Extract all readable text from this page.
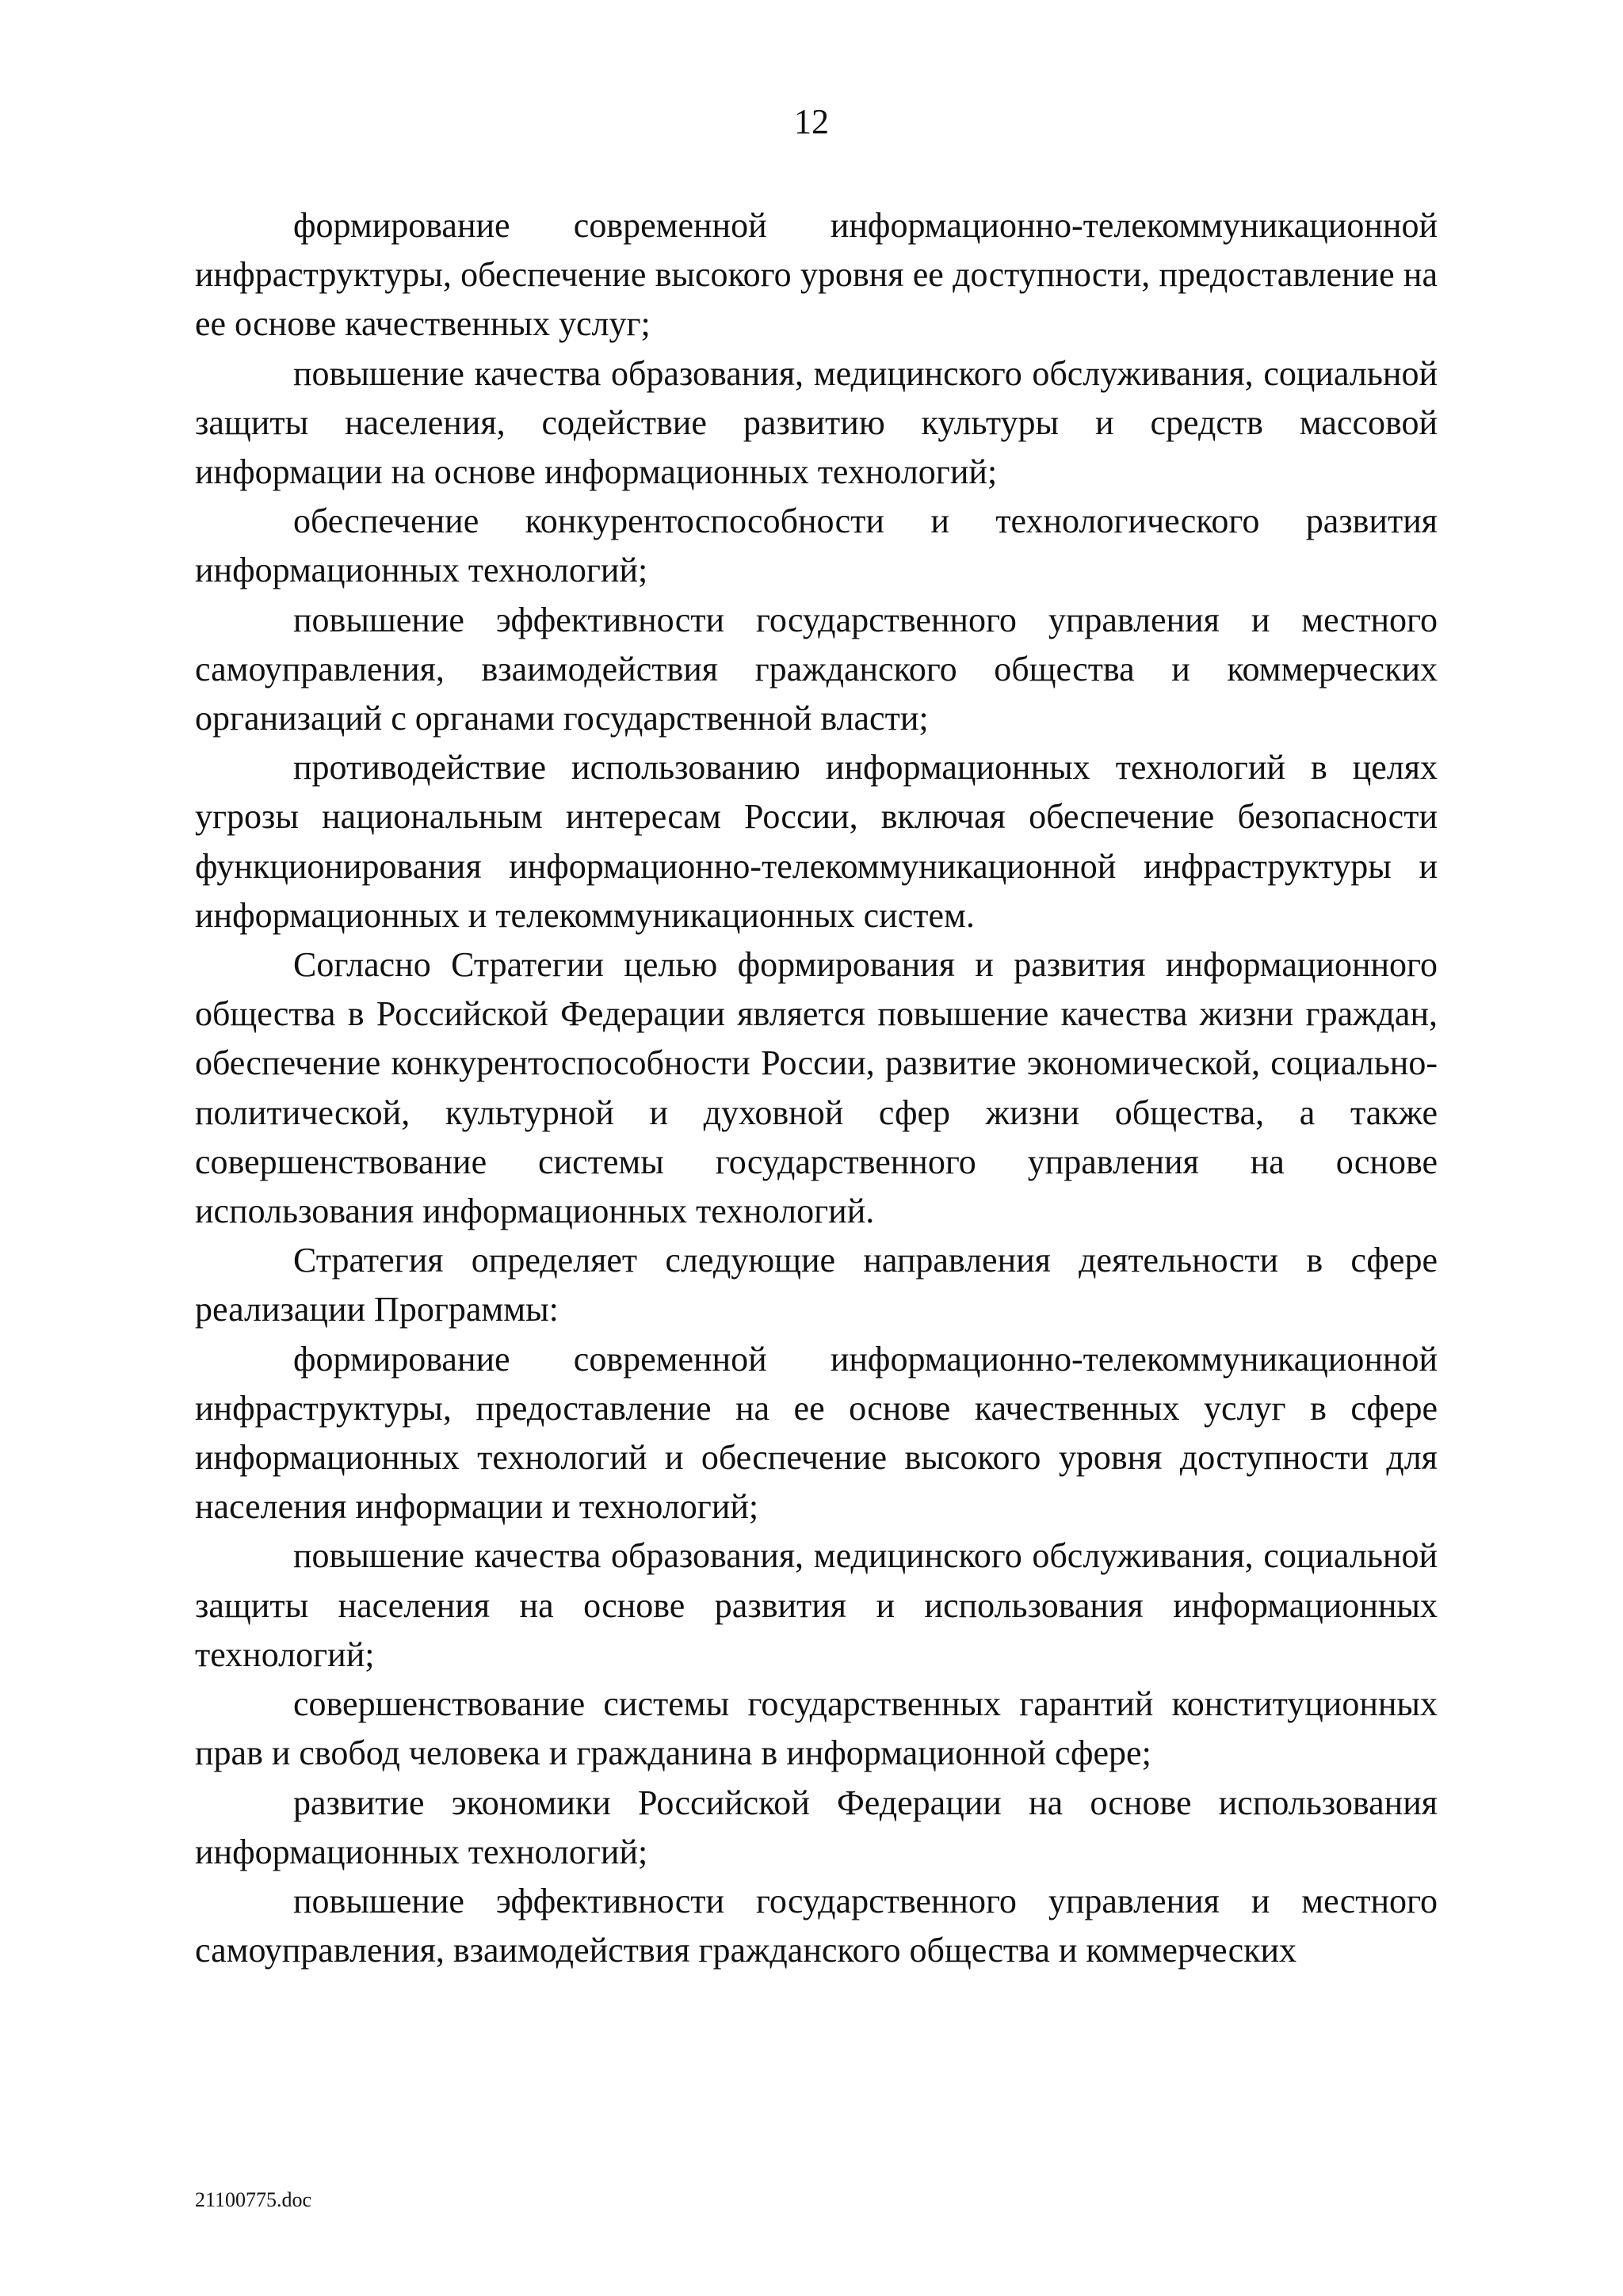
12

формирование современной информационно-телекоммуникационной инфраструктуры, обеспечение высокого уровня ее доступности, предоставление на ее основе качественных услуг;

повышение качества образования, медицинского обслуживания, социальной защиты населения, содействие развитию культуры и средств массовой информации на основе информационных технологий;

обеспечение конкурентоспособности и технологического развития информационных технологий;

повышение эффективности государственного управления и местного самоуправления, взаимодействия гражданского общества и коммерческих организаций с органами государственной власти;

противодействие использованию информационных технологий в целях угрозы национальным интересам России, включая обеспечение безопасности функционирования информационно-телекоммуникационной инфраструктуры и информационных и телекоммуникационных систем.

Согласно Стратегии целью формирования и развития информационного общества в Российской Федерации является повышение качества жизни граждан, обеспечение конкурентоспособности России, развитие экономической, социально-политической, культурной и духовной сфер жизни общества, а также совершенствование системы государственного управления на основе использования информационных технологий.

Стратегия определяет следующие направления деятельности в сфере реализации Программы:

формирование современной информационно-телекоммуникационной инфраструктуры, предоставление на ее основе качественных услуг в сфере информационных технологий и обеспечение высокого уровня доступности для населения информации и технологий;

повышение качества образования, медицинского обслуживания, социальной защиты населения на основе развития и использования информационных технологий;

совершенствование системы государственных гарантий конституционных прав и свобод человека и гражданина в информационной сфере;

развитие экономики Российской Федерации на основе использования информационных технологий;

повышение эффективности государственного управления и местного самоуправления, взаимодействия гражданского общества и коммерческих

21100775.doc
